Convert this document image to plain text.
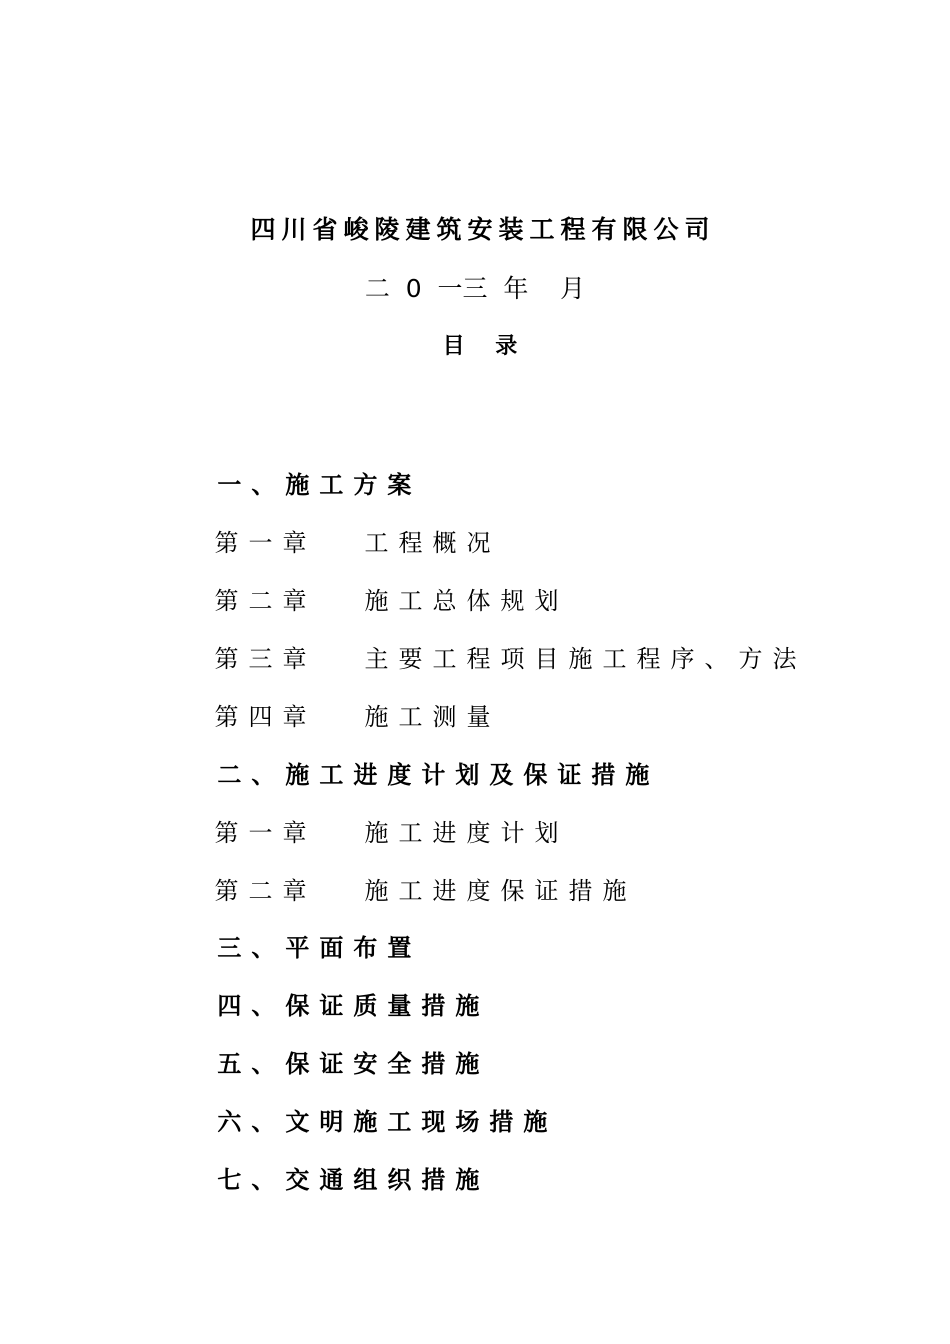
四川省峻陵建筑安装工程有限公司

二  0  一三  年    月

目    录

一、施工方案

第一章 工程概况

第二章 施工总体规划

第三章 主要工程项目施工程序、方法

第四章 施工测量

二、施工进度计划及保证措施

第一章 施工进度计划

第二章 施工进度保证措施

三、平面布置

四、保证质量措施

五、保证安全措施

六、文明施工现场措施

七、交通组织措施
